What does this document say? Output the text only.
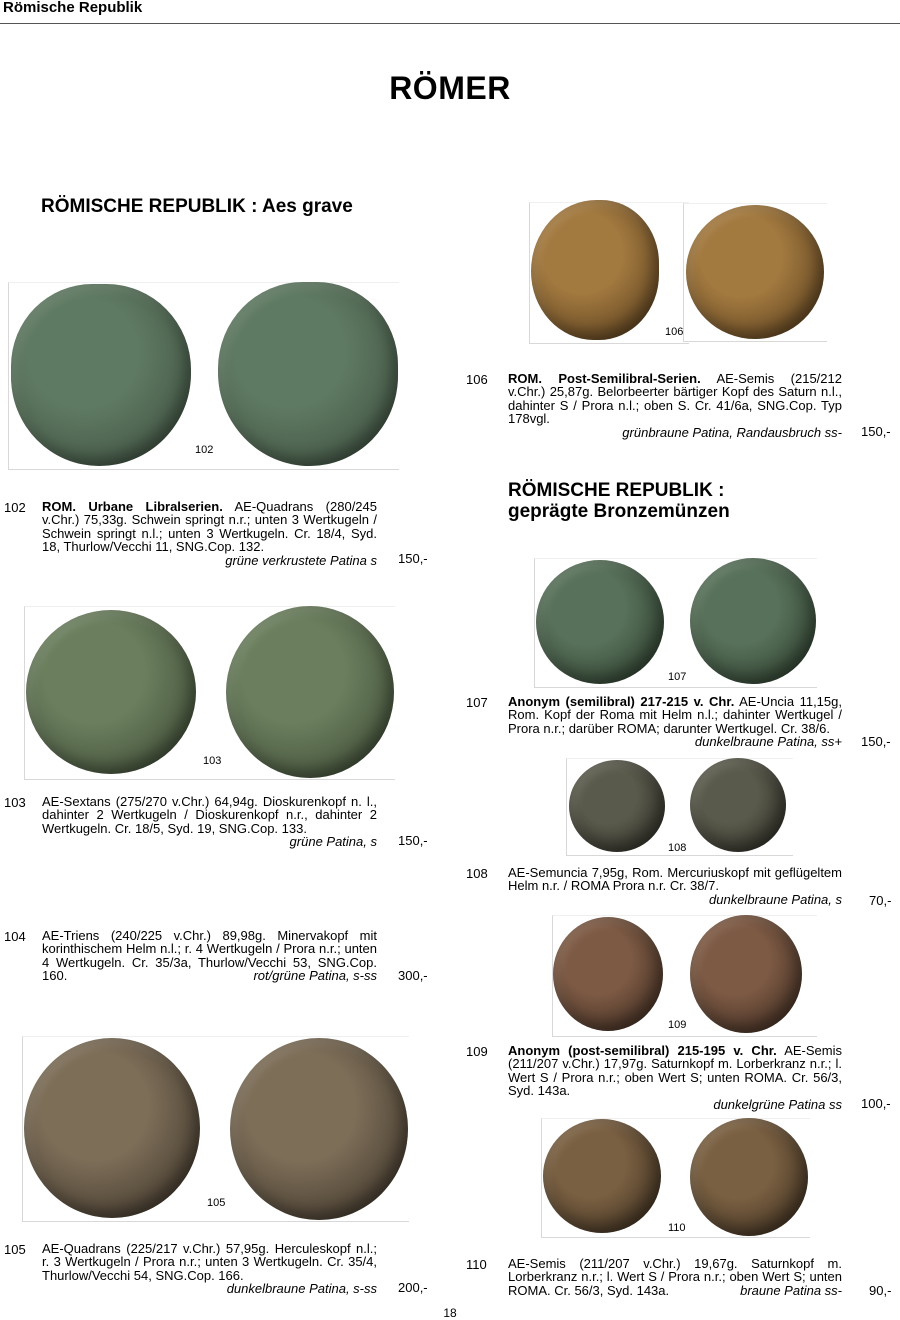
Römische Republik
RÖMER
RÖMISCHE REPUBLIK : Aes grave
RÖMISCHE REPUBLIK :
geprägte Bronzemünzen
102
102 ROM. Urbane Libralserien. AE-Quadrans (280/245 v.Chr.) 75,33g. Schwein springt n.r.; unten 3 Wertkugeln / Schwein springt n.l.; unten 3 Wertkugeln. Cr. 18/4, Syd. 18, Thurlow/Vecchi 11, SNG.Cop. 132.
grüne verkrustete Patina s 150,-
103
103 AE-Sextans (275/270 v.Chr.) 64,94g. Dioskurenkopf n. l., dahinter 2 Wertkugeln / Dioskurenkopf n.r., dahinter 2 Wertkugeln. Cr. 18/5, Syd. 19, SNG.Cop. 133.
grüne Patina, s 150,-
104 AE-Triens (240/225 v.Chr.) 89,98g. Minervakopf mit korinthischem Helm n.l.; r. 4 Wertkugeln / Prora n.r.; unten 4 Wertkugeln. Cr. 35/3a, Thurlow/Vecchi 53, SNG.Cop. 160.	rot/grüne Patina, s-ss 300,-
105
105 AE-Quadrans (225/217 v.Chr.) 57,95g. Herculeskopf n.l.; r. 3 Wertkugeln / Prora n.r.; unten 3 Wertkugeln. Cr. 35/4, Thurlow/Vecchi 54, SNG.Cop. 166.
dunkelbraune Patina, s-ss 200,-
106
106 ROM. Post-Semilibral-Serien. AE-Semis (215/212 v.Chr.) 25,87g. Belorbeerter bärtiger Kopf des Saturn n.l., dahinter S / Prora n.l.; oben S. Cr. 41/6a, SNG.Cop. Typ 178vgl.
grünbraune Patina, Randausbruch ss- 150,-
107
107 Anonym (semilibral) 217-215 v. Chr. AE-Uncia 11,15g, Rom. Kopf der Roma mit Helm n.l.; dahinter Wertkugel / Prora n.r.; darüber ROMA; darunter Wertkugel. Cr. 38/6.
dunkelbraune Patina, ss+ 150,-
108
108 AE-Semuncia 7,95g, Rom. Mercuriuskopf mit geflügeltem Helm n.r. / ROMA Prora n.r. Cr. 38/7.
dunkelbraune Patina, s 70,-
109
109 Anonym (post-semilibral) 215-195 v. Chr. AE-Semis (211/207 v.Chr.) 17,97g. Saturnkopf m. Lorberkranz n.r.; l. Wert S / Prora n.r.; oben Wert S; unten ROMA. Cr. 56/3, Syd. 143a.
dunkelgrüne Patina ss 100,-
110
110 AE-Semis (211/207 v.Chr.) 19,67g. Saturnkopf m. Lorberkranz n.r.; l. Wert S / Prora n.r.; oben Wert S; unten ROMA. Cr. 56/3, Syd. 143a.	braune Patina ss- 90,-
18
